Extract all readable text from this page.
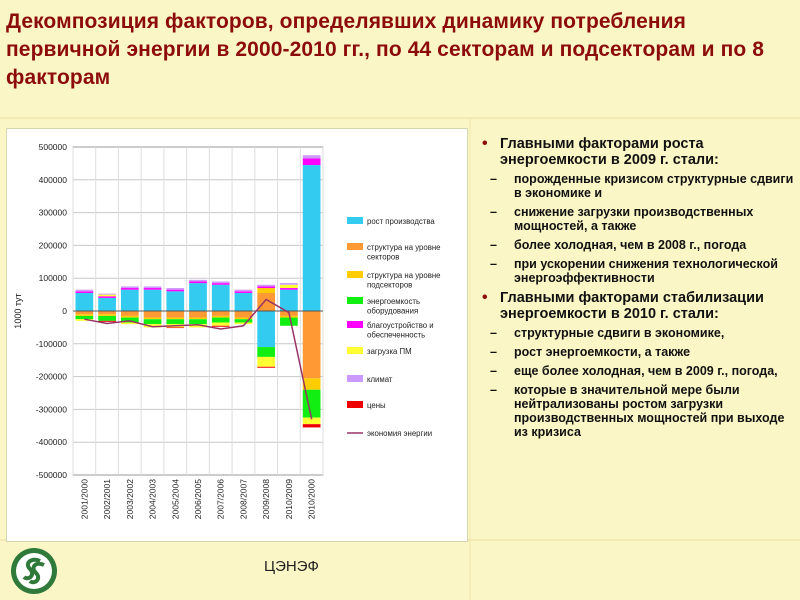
Декомпозиция факторов, определявших динамику потребления первичной энергии в 2000-2010 гг., по 44 секторам и подсекторам и по 8 факторам
500000
400000
300000
200000
100000
0
-100000
-200000
-300000
-400000
-500000
1000 тут
2001/2000 2002/2001 2003/2002 2004/2003 2005/2004 2006/2005 2007/2006 2008/2007 2009/2008 2010/2009 2010/2000
рост производства
структура на уровне секторов
структура на уровне подсекторов
энергоемкость оборудования
благоустройство и обеспеченность
загрузка ПМ
климат
цены
экономия энергии
• Главными факторами роста энергоемкости в 2009 г. стали:
– порожденные кризисом структурные сдвиги в экономике и
– снижение загрузки производственных мощностей, а также
– более холодная, чем в 2008 г., погода
– при ускорении снижения технологической энергоэффективности
• Главными факторами стабилизации энергоемкости в 2010 г. стали:
– структурные сдвиги в экономике,
– рост энергоемкости, а также
– еще более холодная, чем в 2009 г., погода,
– которые в значительной мере были нейтрализованы ростом загрузки производственных мощностей при выходе из кризиса
ЦЭНЭФ
